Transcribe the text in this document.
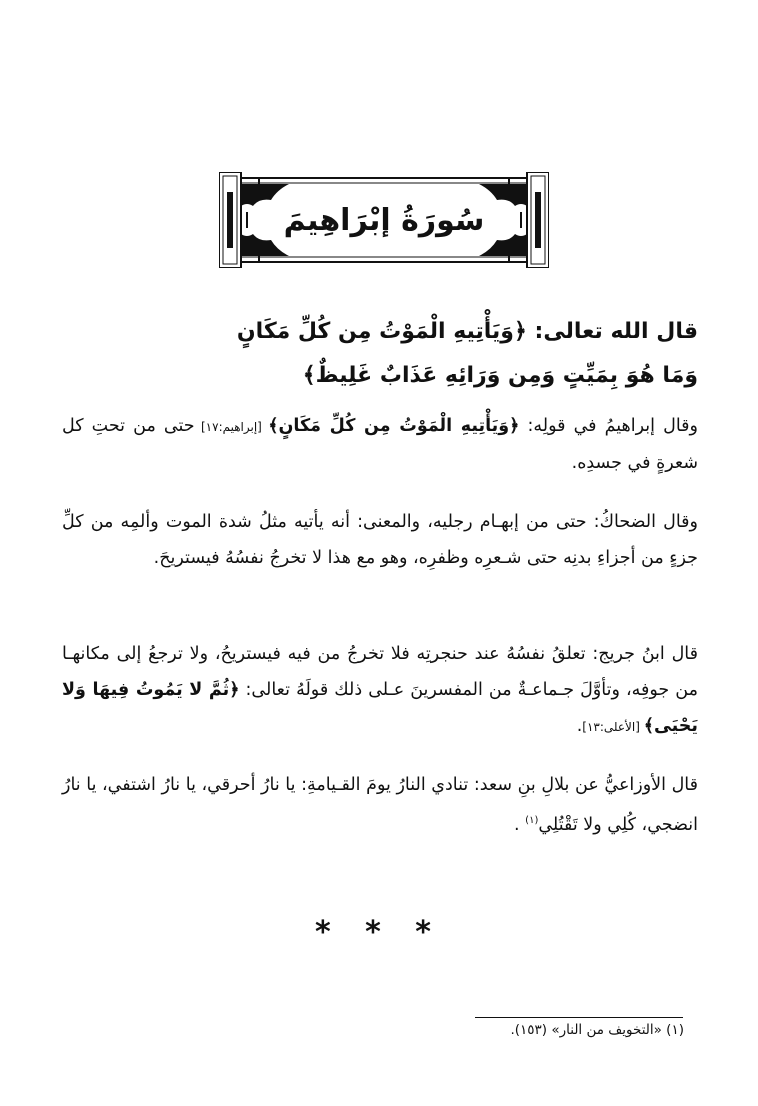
سُورَةُ إبْرَاهِيمَ
قال الله تعالى: ﴿وَيَأْتِيهِ الْمَوْتُ مِن كُلِّ مَكَانٍ
وَمَا هُوَ بِمَيِّتٍ وَمِن وَرَائِهِ عَذَابٌ غَلِيظٌ﴾
وقال إبراهيمُ في قولِه: ﴿وَيَأْتِيهِ الْمَوْتُ مِن كُلِّ مَكَانٍ﴾ [إبراهيم:١٧] حتى من تحتِ كل شعرةٍ في جسدِه.
وقال الضحاكُ: حتى من إبهـام رجليه، والمعنى: أنه يأتيه مثلُ شدة الموت وألمِه من كلِّ جزءٍ من أجزاءِ بدنِه حتى شـعرِه وظفرِه، وهو مع هذا لا تخرجُ نفسُهُ فيستريحَ.
قال ابنُ جريج: تعلقُ نفسُهُ عند حنجرتِه فلا تخرجُ من فيه فيستريحُ، ولا ترجعُ إلى مكانهـا من جوفِه، وتأوَّلَ جـماعـةٌ من المفسرينَ عـلى ذلك قولَهُ تعالى: ﴿ثُمَّ لا يَمُوتُ فِيهَا وَلا يَحْيَى﴾ [الأعلى:١٣].
قال الأوزاعيُّ عن بلالِ بنِ سعد: تنادي النارُ يومَ القـيامةِ: يا نارُ أحرقي، يا نارُ اشتفي، يا نارُ انضجي، كُلِي ولا تَقْتُلِي$^{(١)}$ .
* * *
(١) «التخويف من النار» (١٥٣).
